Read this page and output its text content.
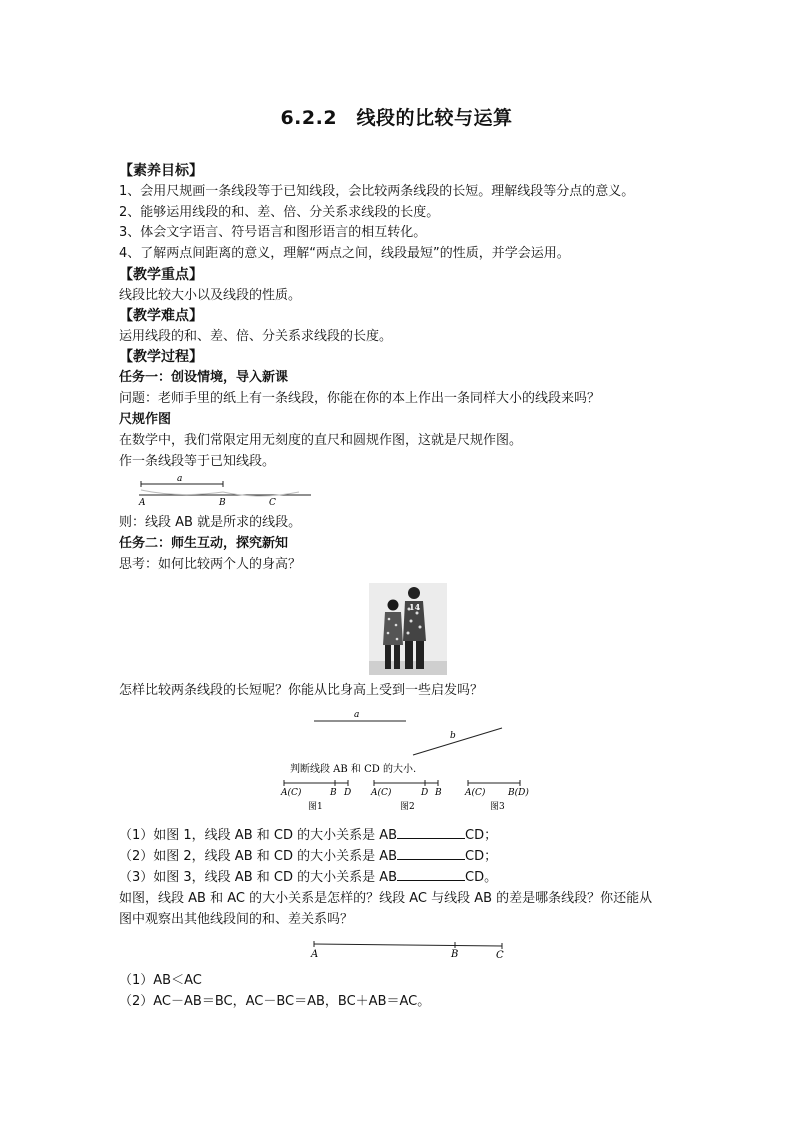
6.2.2　线段的比较与运算
【素养目标】
1、会用尺规画一条线段等于已知线段，会比较两条线段的长短。理解线段等分点的意义。
2、能够运用线段的和、差、倍、分关系求线段的长度。
3、体会文字语言、符号语言和图形语言的相互转化。
4、了解两点间距离的意义，理解“两点之间，线段最短”的性质，并学会运用。
【教学重点】
线段比较大小以及线段的性质。
【教学难点】
运用线段的和、差、倍、分关系求线段的长度。
【教学过程】
任务一：创设情境，导入新课
问题：老师手里的纸上有一条线段，你能在你的本上作出一条同样大小的线段来吗？
尺规作图
在数学中，我们常限定用无刻度的直尺和圆规作图，这就是尺规作图。
作一条线段等于已知线段。
a
A	B	C
则：线段 AB 就是所求的线段。
任务二：师生互动，探究新知
思考：如何比较两个人的身高？
14
怎样比较两条线段的长短呢？你能从比身高上受到一些启发吗？
a
b
判断线段 AB 和 CD 的大小.
A(C)	B D
图1
A(C)	D B
图2
A(C)	B(D)
图3
（1）如图 1，线段 AB 和 CD 的大小关系是 AB	CD；
（2）如图 2，线段 AB 和 CD 的大小关系是 AB	CD；
（3）如图 3，线段 AB 和 CD 的大小关系是 AB	CD。
如图，线段 AB 和 AC 的大小关系是怎样的？线段 AC 与线段 AB 的差是哪条线段？你还能从
图中观察出其他线段间的和、差关系吗？
A	B	C
（1）AB＜AC
（2）AC－AB＝BC，AC－BC＝AB，BC＋AB＝AC。
